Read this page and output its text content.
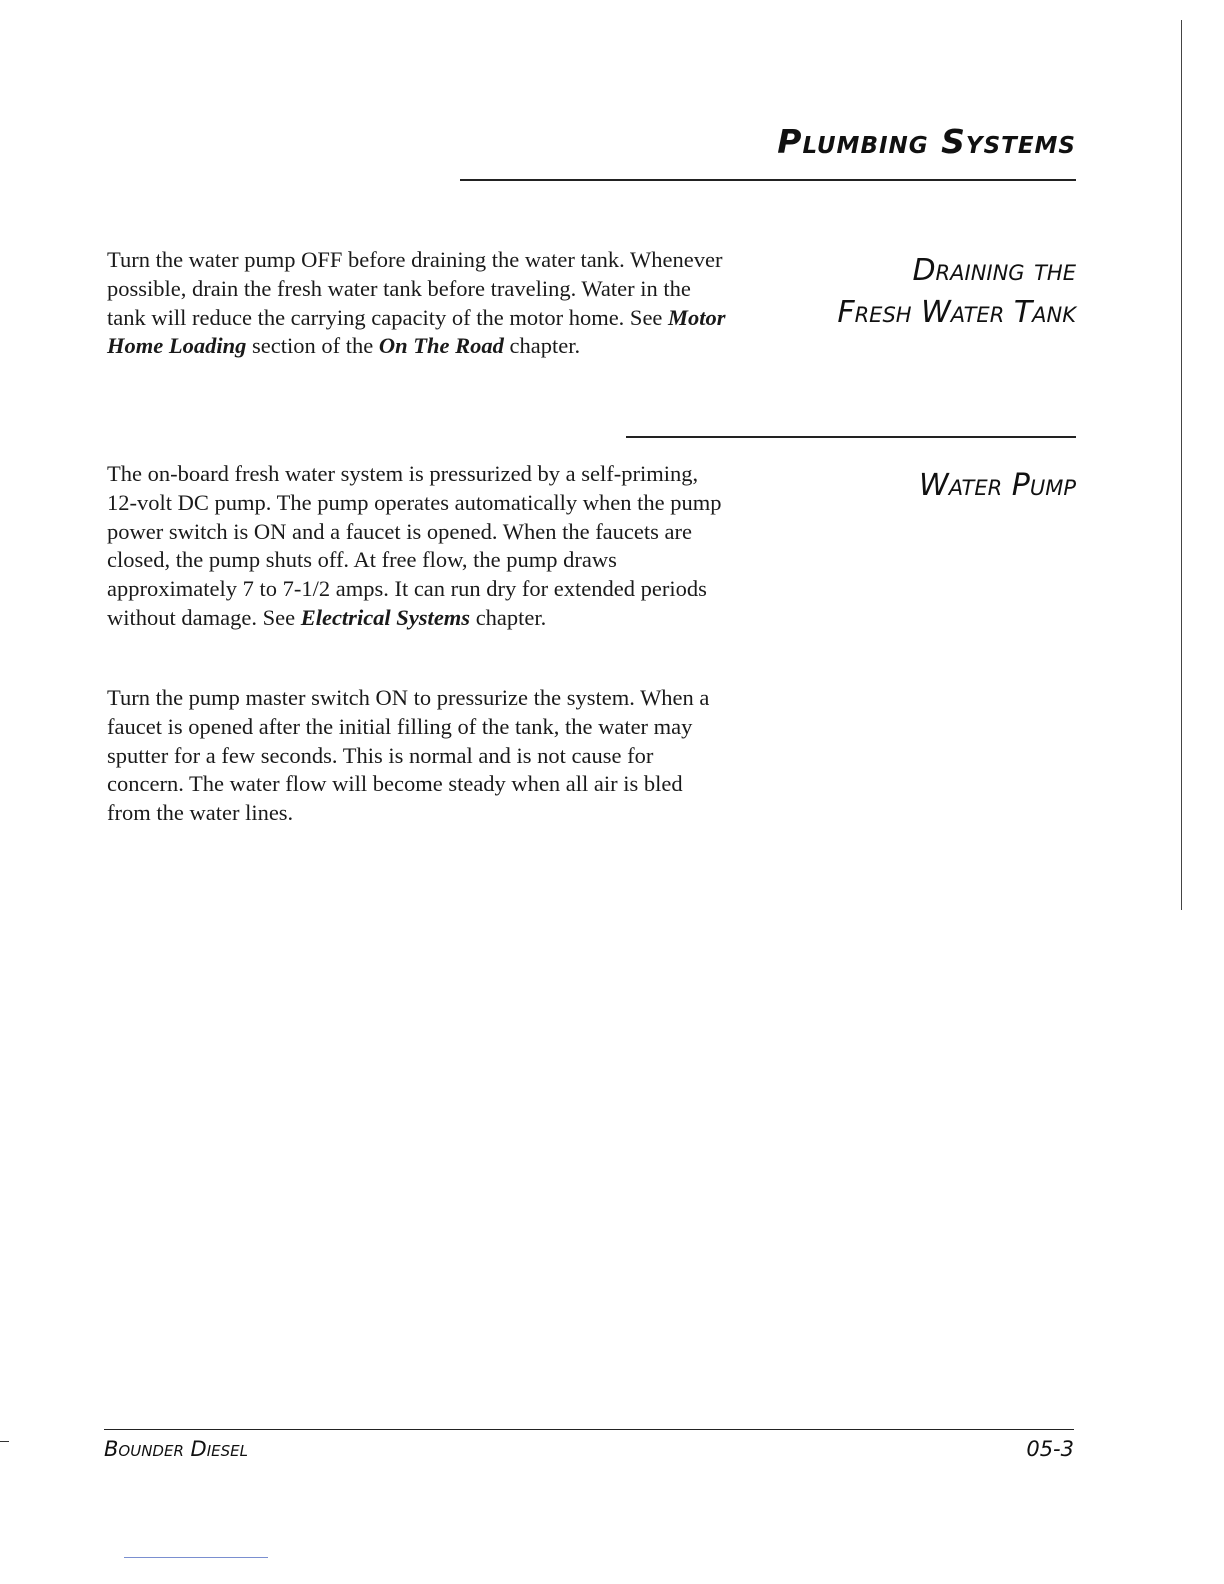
Plumbing Systems
Draining the
Fresh Water Tank

Turn the water pump OFF before draining the water tank. Whenever possible, drain the fresh water tank before traveling. Water in the tank will reduce the carrying capacity of the motor home. See Motor Home Loading section of the On The Road chapter.

Water Pump

The on-board fresh water system is pressurized by a self-priming, 12-volt DC pump. The pump operates automatically when the pump power switch is ON and a faucet is opened. When the faucets are closed, the pump shuts off. At free flow, the pump draws approximately 7 to 7-1/2 amps. It can run dry for extended periods without damage. See Electrical Systems chapter.

Turn the pump master switch ON to pressurize the system. When a faucet is opened after the initial filling of the tank, the water may sputter for a few seconds. This is normal and is not cause for concern. The water flow will become steady when all air is bled from the water lines.

Bounder Diesel	05-3
